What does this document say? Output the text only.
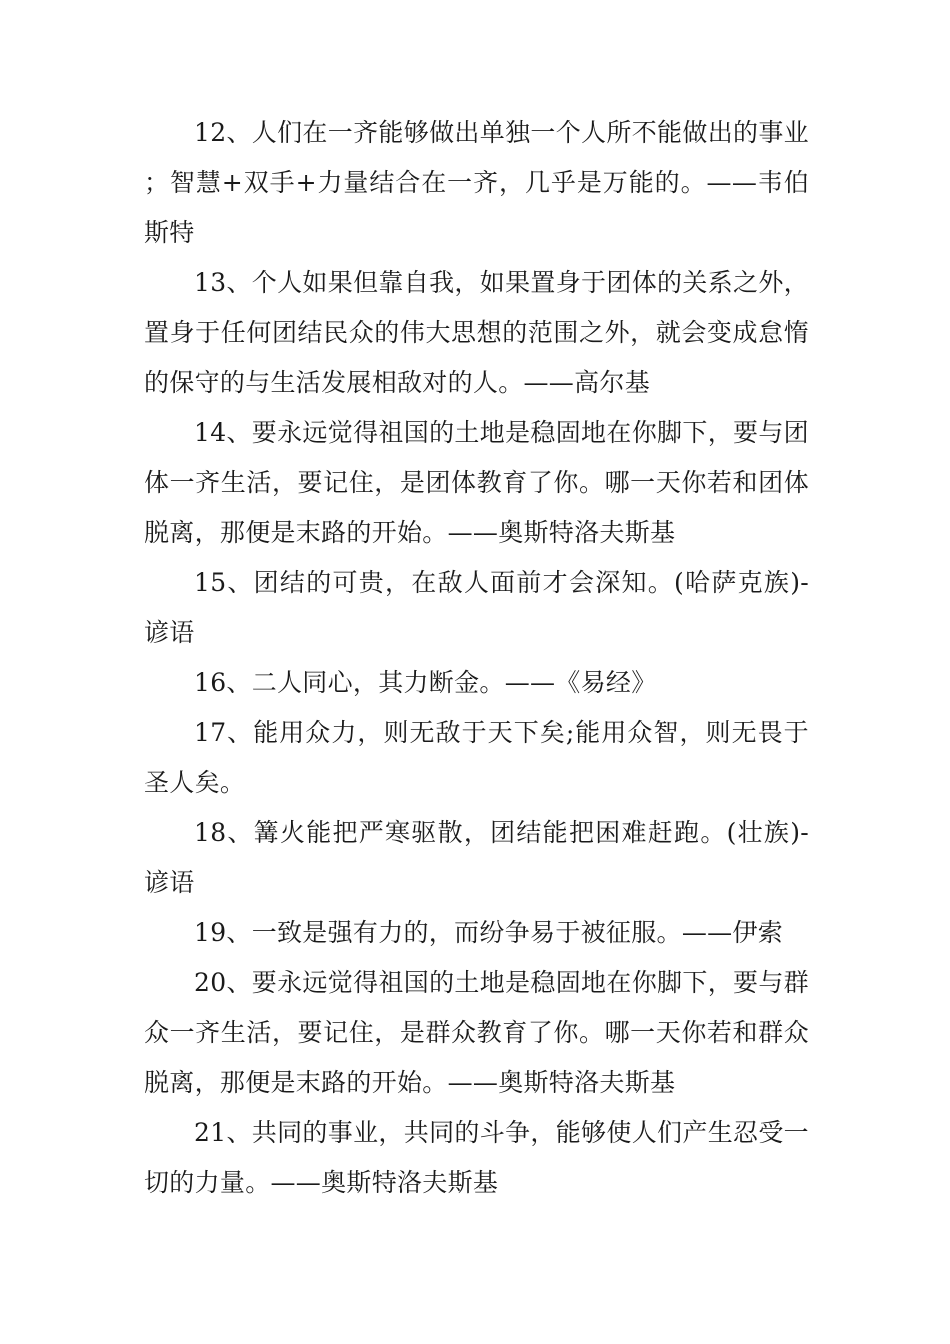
12、人们在一齐能够做出单独一个人所不能做出的事业；智慧+双手+力量结合在一齐，几乎是万能的。——韦伯斯特

13、个人如果但靠自我，如果置身于团体的关系之外，置身于任何团结民众的伟大思想的范围之外，就会变成怠惰的保守的与生活发展相敌对的人。——高尔基

14、要永远觉得祖国的土地是稳固地在你脚下，要与团体一齐生活，要记住，是团体教育了你。哪一天你若和团体脱离，那便是末路的开始。——奥斯特洛夫斯基

15、团结的可贵，在敌人面前才会深知。(哈萨克族)-谚语

16、二人同心，其力断金。——《易经》

17、能用众力，则无敌于天下矣;能用众智，则无畏于圣人矣。

18、篝火能把严寒驱散，团结能把困难赶跑。(壮族)-谚语

19、一致是强有力的，而纷争易于被征服。——伊索

20、要永远觉得祖国的土地是稳固地在你脚下，要与群众一齐生活，要记住，是群众教育了你。哪一天你若和群众脱离，那便是末路的开始。——奥斯特洛夫斯基

21、共同的事业，共同的斗争，能够使人们产生忍受一切的力量。——奥斯特洛夫斯基
